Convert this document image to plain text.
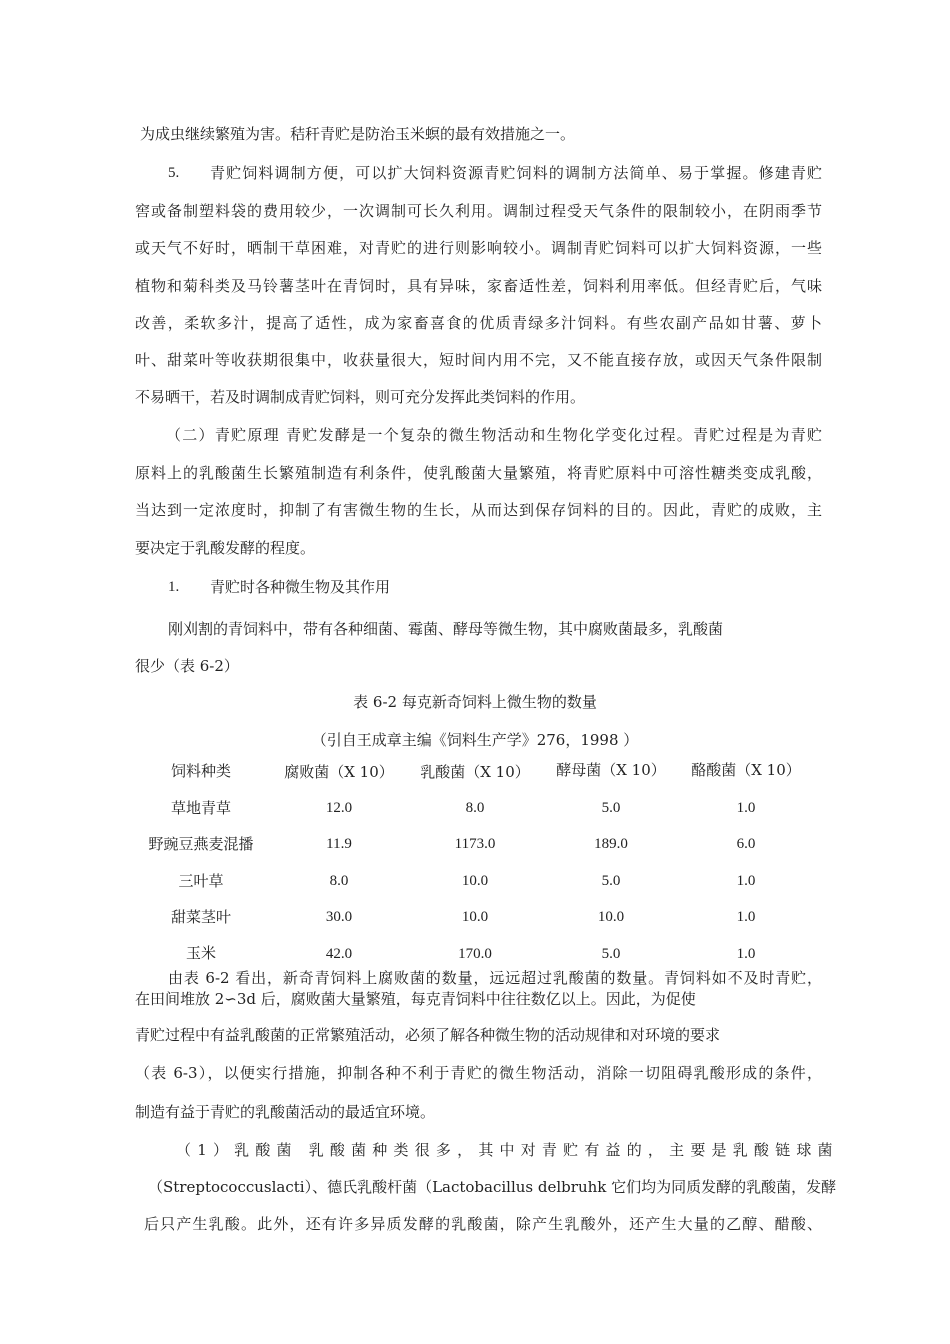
为成虫继续繁殖为害。秸秆青贮是防治玉米螟的最有效措施之一。
5. 青贮饲料调制方便，可以扩大饲料资源青贮饲料的调制方法简单、易于掌握。修建青贮
窖或备制塑料袋的费用较少，一次调制可长久利用。调制过程受天气条件的限制较小，在阴雨季节
或天气不好时，晒制干草困难，对青贮的进行则影响较小。调制青贮饲料可以扩大饲料资源，一些
植物和菊科类及马铃薯茎叶在青饲时，具有异味，家畜适性差，饲料利用率低。但经青贮后，气味
改善，柔软多汁，提高了适性，成为家畜喜食的优质青绿多汁饲料。有些农副产品如甘薯、萝卜
叶、甜菜叶等收获期很集中，收获量很大，短时间内用不完，又不能直接存放，或因天气条件限制
不易晒干，若及时调制成青贮饲料，则可充分发挥此类饲料的作用。
（二）青贮原理 青贮发酵是一个复杂的微生物活动和生物化学变化过程。青贮过程是为青贮
原料上的乳酸菌生长繁殖制造有利条件，使乳酸菌大量繁殖，将青贮原料中可溶性糖类变成乳酸，
当达到一定浓度时，抑制了有害微生物的生长，从而达到保存饲料的目的。因此，青贮的成败，主
要决定于乳酸发酵的程度。
1. 青贮时各种微生物及其作用
刚刈割的青饲料中，带有各种细菌、霉菌、酵母等微生物，其中腐败菌最多，乳酸菌
很少（表 6-2）
表 6-2 每克新奇饲料上微生物的数量
（引自王成章主编《饲料生产学》276，1998 ）
饲料种类	腐败菌（X 10）	乳酸菌（X 10）	酵母菌（X 10）	酪酸菌（X 10）
草地青草	12.0	8.0	5.0	1.0
野豌豆燕麦混播	11.9	1173.0	189.0	6.0
三叶草	8.0	10.0	5.0	1.0
甜菜茎叶	30.0	10.0	10.0	1.0
玉米	42.0	170.0	5.0	1.0
由表 6-2 看出，新奇青饲料上腐败菌的数量，远远超过乳酸菌的数量。青饲料如不及时青贮，
在田间堆放 2∽3d 后，腐败菌大量繁殖，每克青饲料中往往数亿以上。因此，为促使
青贮过程中有益乳酸菌的正常繁殖活动，必须了解各种微生物的活动规律和对环境的要求
（表 6-3），以便实行措施，抑制各种不利于青贮的微生物活动，消除一切阻碍乳酸形成的条件，
制造有益于青贮的乳酸菌活动的最适宜环境。
（1）乳酸菌 乳酸菌种类很多，其中对青贮有益的，主要是乳酸链球菌
（Streptococcuslacti）、德氏乳酸杆菌（Lactobacillus delbruhk 它们均为同质发酵的乳酸菌，发酵
后只产生乳酸。此外，还有许多异质发酵的乳酸菌，除产生乳酸外，还产生大量的乙醇、醋酸、
